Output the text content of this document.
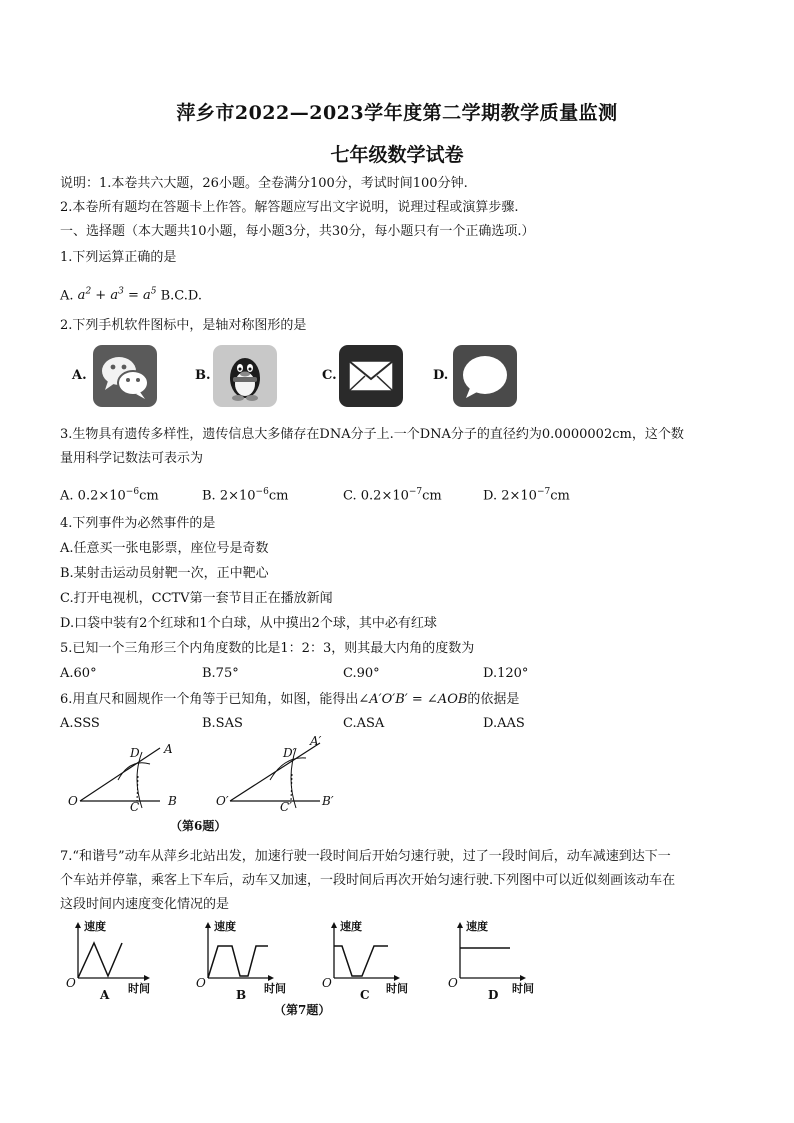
萍乡市2022—2023学年度第二学期教学质量监测
七年级数学试卷
说明：1.本卷共六大题，26小题。全卷满分100分，考试时间100分钟.
2.本卷所有题均在答题卡上作答。解答题应写出文字说明，说理过程或演算步骤.
一、选择题（本大题共10小题，每小题3分，共30分，每小题只有一个正确选项.）
1.下列运算正确的是
A. $a^2 + a^3 = a^5$ B.C.D.
2.下列手机软件图标中，是轴对称图形的是
A.	B.	C.	D.
3.生物具有遗传多样性，遗传信息大多储存在DNA分子上.一个DNA分子的直径约为0.0000002cm，这个数
量用科学记数法可表示为
A. $0.2\times 10^{-6}cm$	B. $2\times 10^{-6}cm$	C. $0.2\times 10^{-7}cm$	D. $2\times 10^{-7}cm$
4.下列事件为必然事件的是
A.任意买一张电影票，座位号是奇数
B.某射击运动员射靶一次，正中靶心
C.打开电视机，CCTV第一套节目正在播放新闻
D.口袋中装有2个红球和1个白球，从中摸出2个球，其中必有红球
5.已知一个三角形三个内角度数的比是1：2：3，则其最大内角的度数为
A.60°	B.75°	C.90°	D.120°
6.用直尺和圆规作一个角等于已知角，如图，能得出∠A′O′B′ = ∠AOB的依据是
A.SSS	B.SAS	C.ASA	D.AAS
O
A
B
C
D
O′
A′
B′
C′
D′
（第6题）
7.“和谐号”动车从萍乡北站出发，加速行驶一段时间后开始匀速行驶，过了一段时间后，动车减速到达下一
个车站并停靠，乘客上下车后，动车又加速，一段时间后再次开始匀速行驶.下列图中可以近似刻画该动车在
这段时间内速度变化情况的是
速度
O	时间
A
速度
O	时间
B
速度
O	时间
C
速度
O	时间
D
（第7题）
